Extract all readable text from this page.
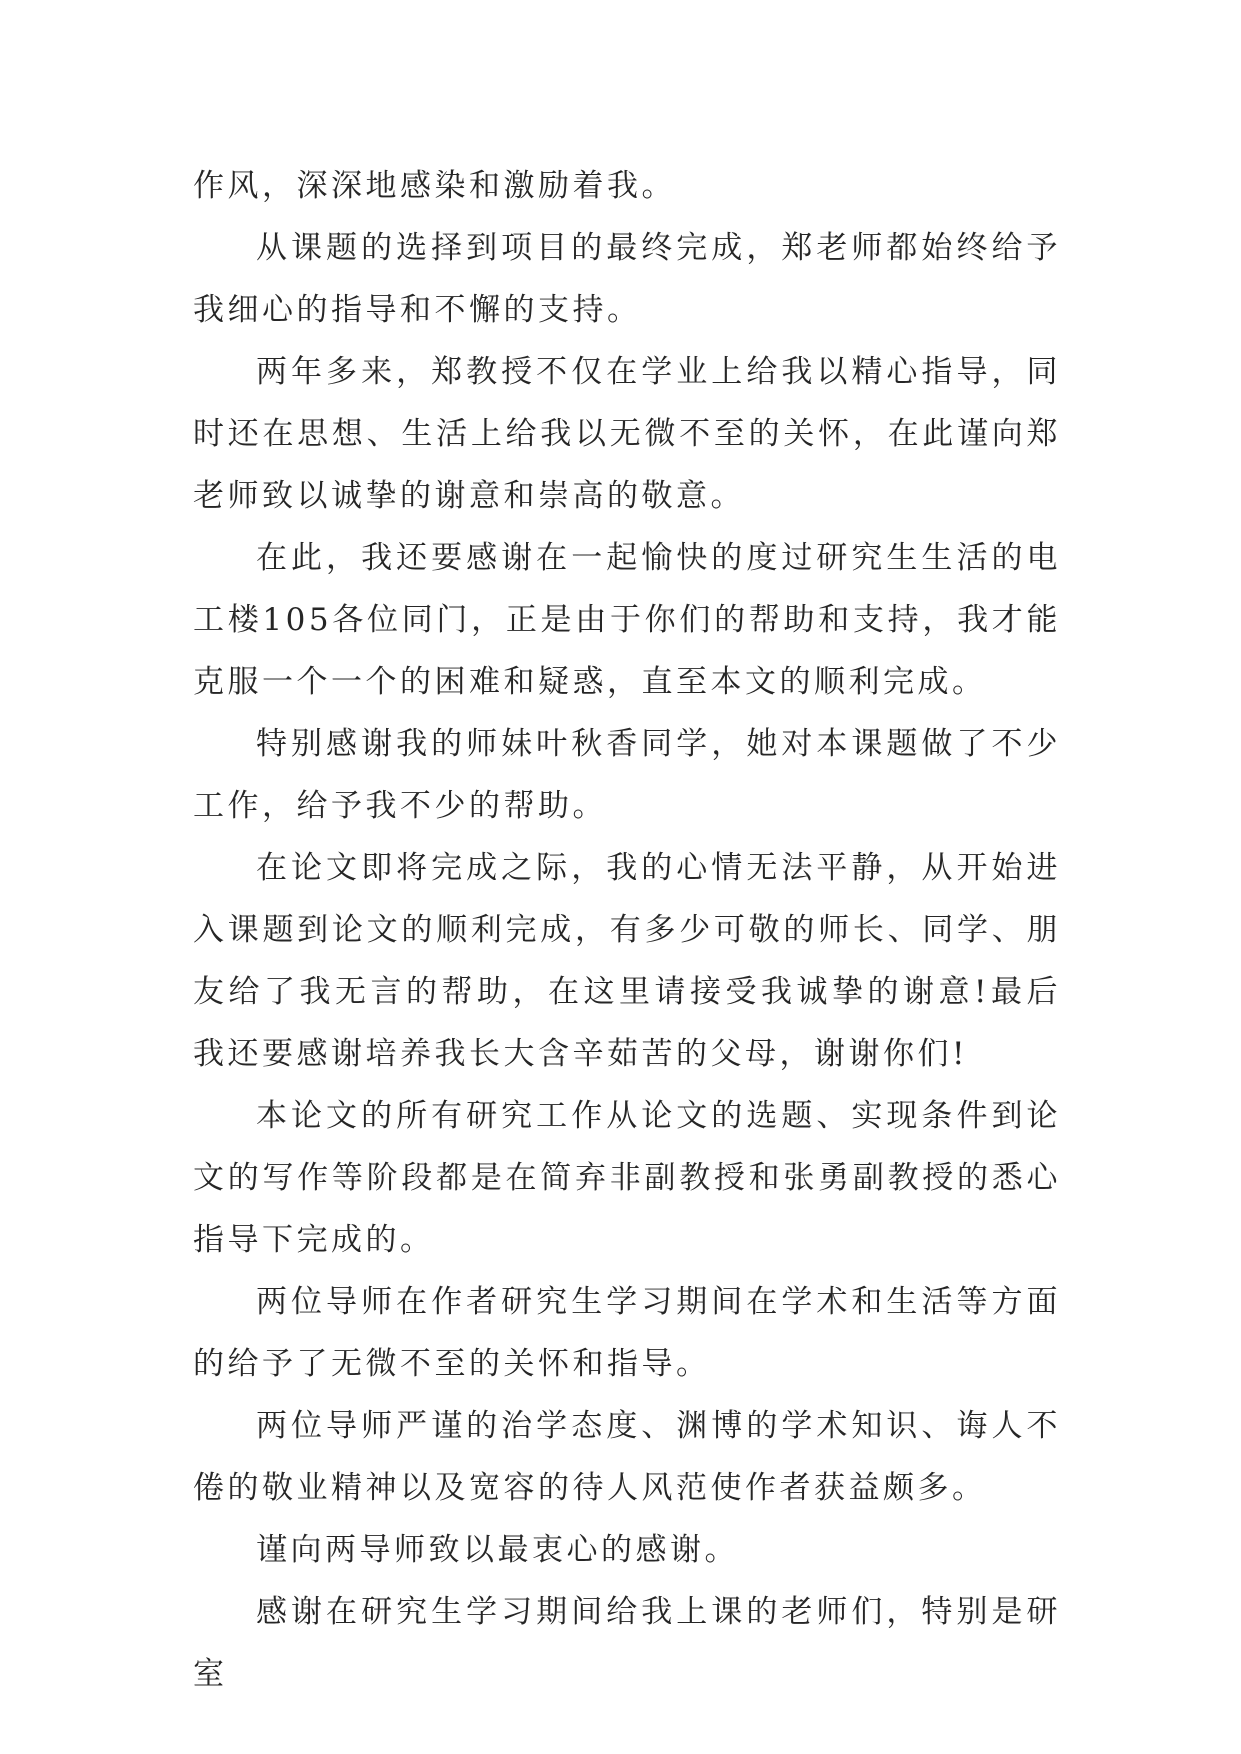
作风，深深地感染和激励着我。

从课题的选择到项目的最终完成，郑老师都始终给予我细心的指导和不懈的支持。

两年多来，郑教授不仅在学业上给我以精心指导，同时还在思想、生活上给我以无微不至的关怀，在此谨向郑老师致以诚挚的谢意和崇高的敬意。

在此，我还要感谢在一起愉快的度过研究生生活的电工楼105各位同门，正是由于你们的帮助和支持，我才能克服一个一个的困难和疑惑，直至本文的顺利完成。

特别感谢我的师妹叶秋香同学，她对本课题做了不少工作，给予我不少的帮助。

在论文即将完成之际，我的心情无法平静，从开始进入课题到论文的顺利完成，有多少可敬的师长、同学、朋友给了我无言的帮助，在这里请接受我诚挚的谢意!最后我还要感谢培养我长大含辛茹苦的父母，谢谢你们!

本论文的所有研究工作从论文的选题、实现条件到论文的写作等阶段都是在简弃非副教授和张勇副教授的悉心指导下完成的。

两位导师在作者研究生学习期间在学术和生活等方面的给予了无微不至的关怀和指导。

两位导师严谨的治学态度、渊博的学术知识、诲人不倦的敬业精神以及宽容的待人风范使作者获益颇多。

谨向两导师致以最衷心的感谢。

感谢在研究生学习期间给我上课的老师们，特别是研室
